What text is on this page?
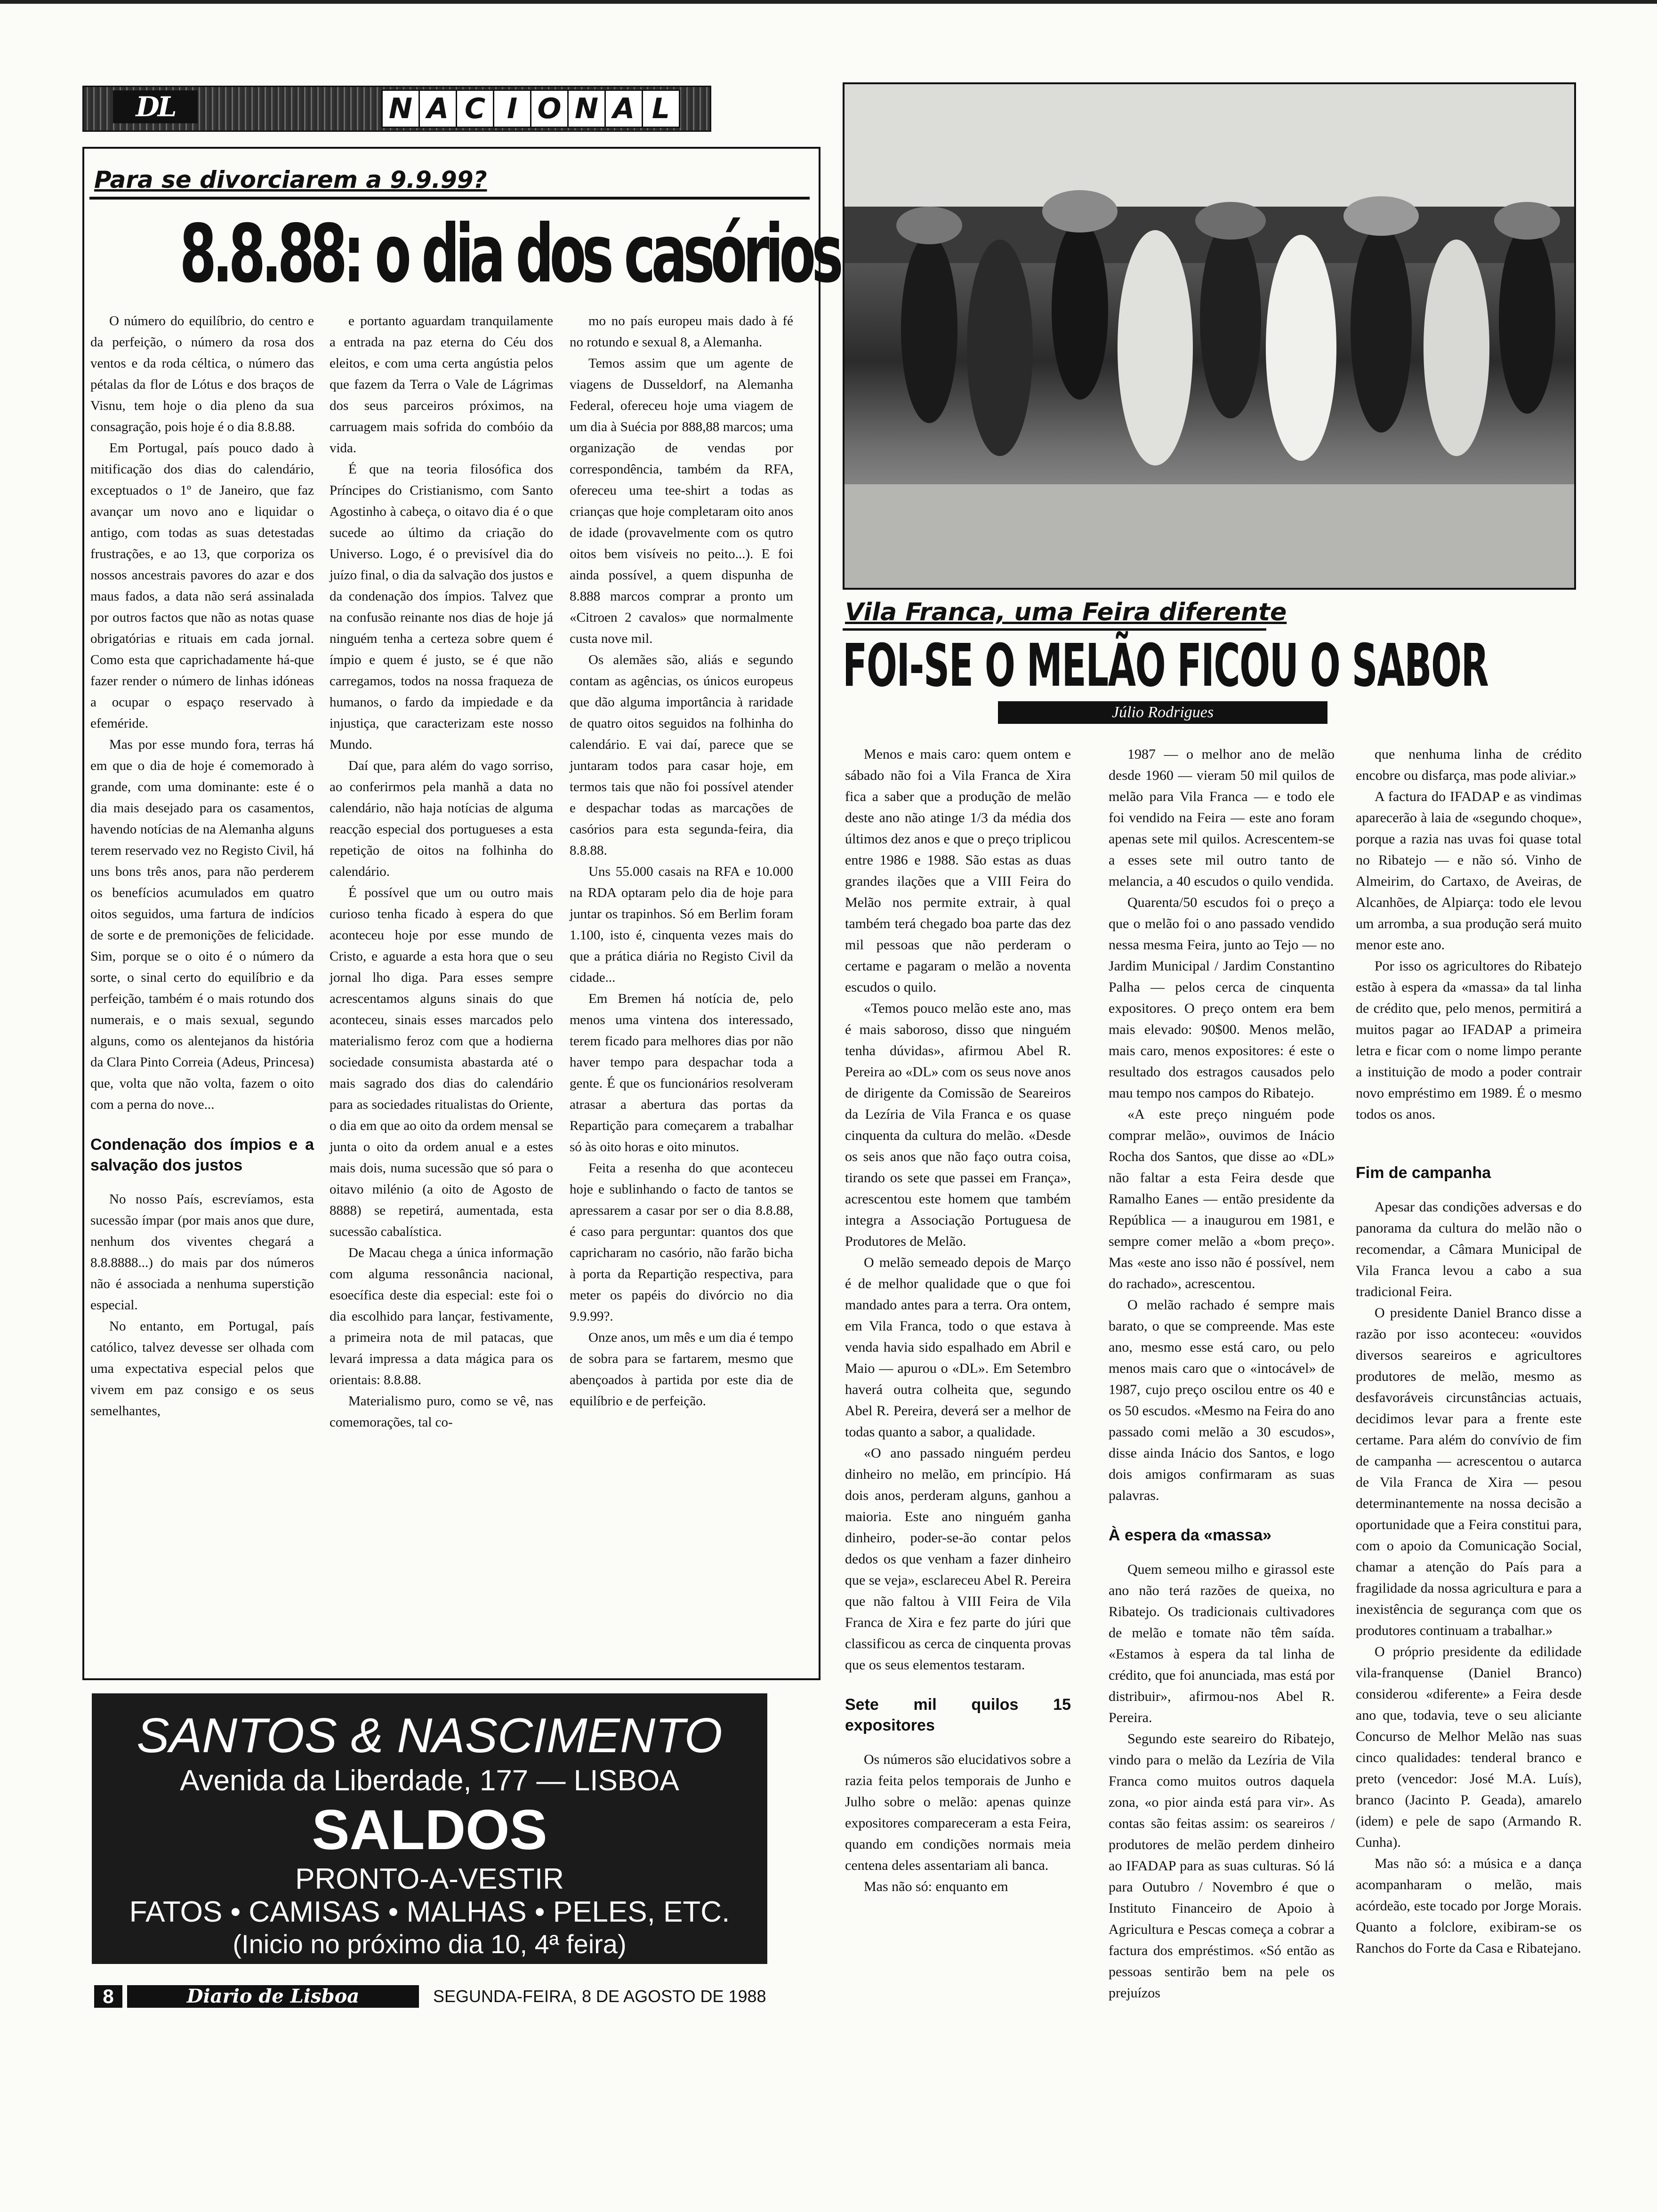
DL	N A C I O N A L
Para se divorciarem a 9.9.99?
8.8.88: o dia dos casórios

O número do equilíbrio, do centro e da perfeição, o número da rosa dos ventos e da roda céltica, o número das pétalas da flor de Lótus e dos braços de Visnu, tem hoje o dia pleno da sua consagração, pois hoje é o dia 8.8.88.

Em Portugal, país pouco dado à mitificação dos dias do calendário, exceptuados o 1º de Janeiro, que faz avançar um novo ano e liquidar o antigo, com todas as suas detestadas frustrações, e ao 13, que corporiza os nossos ancestrais pavores do azar e dos maus fados, a data não será assinalada por outros factos que não as notas quase obrigatórias e rituais em cada jornal. Como esta que caprichadamente há-que fazer render o número de linhas idóneas a ocupar o espaço reservado à efeméride.

Mas por esse mundo fora, terras há em que o dia de hoje é comemorado à grande, com uma dominante: este é o dia mais desejado para os casamentos, havendo notícias de na Alemanha alguns terem reservado vez no Registo Civil, há uns bons três anos, para não perderem os benefícios acumulados em quatro oitos seguidos, uma fartura de indícios de sorte e de premonições de felicidade. Sim, porque se o oito é o número da sorte, o sinal certo do equilíbrio e da perfeição, também é o mais rotundo dos numerais, e o mais sexual, segundo alguns, como os alentejanos da história da Clara Pinto Correia (Adeus, Princesa) que, volta que não volta, fazem o oito com a perna do nove...

Condenação dos ímpios e a salvação dos justos

No nosso País, escrevíamos, esta sucessão ímpar (por mais anos que dure, nenhum dos viventes chegará a 8.8.8888...) do mais par dos números não é associada a nenhuma superstição especial.

No entanto, em Portugal, país católico, talvez devesse ser olhada com uma expectativa especial pelos que vivem em paz consigo e os seus semelhantes,

e portanto aguardam tranquilamente a entrada na paz eterna do Céu dos eleitos, e com uma certa angústia pelos que fazem da Terra o Vale de Lágrimas dos seus parceiros próximos, na carruagem mais sofrida do combóio da vida.

É que na teoria filosófica dos Príncipes do Cristianismo, com Santo Agostinho à cabeça, o oitavo dia é o que sucede ao último da criação do Universo. Logo, é o previsível dia do juízo final, o dia da salvação dos justos e da condenação dos ímpios. Talvez que na confusão reinante nos dias de hoje já ninguém tenha a certeza sobre quem é ímpio e quem é justo, se é que não carregamos, todos na nossa fraqueza de humanos, o fardo da impiedade e da injustiça, que caracterizam este nosso Mundo.

Daí que, para além do vago sorriso, ao conferirmos pela manhã a data no calendário, não haja notícias de alguma reacção especial dos portugueses a esta repetição de oitos na folhinha do calendário.

É possível que um ou outro mais curioso tenha ficado à espera do que aconteceu hoje por esse mundo de Cristo, e aguarde a esta hora que o seu jornal lho diga. Para esses sempre acrescentamos alguns sinais do que aconteceu, sinais esses marcados pelo materialismo feroz com que a hodierna sociedade consumista abastarda até o mais sagrado dos dias do calendário para as sociedades ritualistas do Oriente, o dia em que ao oito da ordem mensal se junta o oito da ordem anual e a estes mais dois, numa sucessão que só para o oitavo milénio (a oito de Agosto de 8888) se repetirá, aumentada, esta sucessão cabalística.

De Macau chega a única informação com alguma ressonância nacional, esoecífica deste dia especial: este foi o dia escolhido para lançar, festivamente, a primeira nota de mil patacas, que levará impressa a data mágica para os orientais: 8.8.88.

Materialismo puro, como se vê, nas comemorações, tal co-

mo no país europeu mais dado à fé no rotundo e sexual 8, a Alemanha.

Temos assim que um agente de viagens de Dusseldorf, na Alemanha Federal, ofereceu hoje uma viagem de um dia à Suécia por 888,88 marcos; uma organização de vendas por correspondência, também da RFA, ofereceu uma tee-shirt a todas as crianças que hoje completaram oito anos de idade (provavelmente com os qutro oitos bem visíveis no peito...). E foi ainda possível, a quem dispunha de 8.888 marcos comprar a pronto um «Citroen 2 cavalos» que normalmente custa nove mil.

Os alemães são, aliás e segundo contam as agências, os únicos europeus que dão alguma importância à raridade de quatro oitos seguidos na folhinha do calendário. E vai daí, parece que se juntaram todos para casar hoje, em termos tais que não foi possível atender e despachar todas as marcações de casórios para esta segunda-feira, dia 8.8.88.

Uns 55.000 casais na RFA e 10.000 na RDA optaram pelo dia de hoje para juntar os trapinhos. Só em Berlim foram 1.100, isto é, cinquenta vezes mais do que a prática diária no Registo Civil da cidade...

Em Bremen há notícia de, pelo menos uma vintena dos interessado, terem ficado para melhores dias por não haver tempo para despachar toda a gente. É que os funcionários resolveram atrasar a abertura das portas da Repartição para começarem a trabalhar só às oito horas e oito minutos.

Feita a resenha do que aconteceu hoje e sublinhando o facto de tantos se apressarem a casar por ser o dia 8.8.88, é caso para perguntar: quantos dos que capricharam no casório, não farão bicha à porta da Repartição respectiva, para meter os papéis do divórcio no dia 9.9.99?.

Onze anos, um mês e um dia é tempo de sobra para se fartarem, mesmo que abençoados à partida por este dia de equilíbrio e de perfeição.

Vila Franca, uma Feira diferente
FOI-SE O MELÃO FICOU O SABOR
Júlio Rodrigues

Menos e mais caro: quem ontem e sábado não foi a Vila Franca de Xira fica a saber que a produção de melão deste ano não atinge 1/3 da média dos últimos dez anos e que o preço triplicou entre 1986 e 1988. São estas as duas grandes ilações que a VIII Feira do Melão nos permite extrair, à qual também terá chegado boa parte das dez mil pessoas que não perderam o certame e pagaram o melão a noventa escudos o quilo.

«Temos pouco melão este ano, mas é mais saboroso, disso que ninguém tenha dúvidas», afirmou Abel R. Pereira ao «DL» com os seus nove anos de dirigente da Comissão de Seareiros da Lezíria de Vila Franca e os quase cinquenta da cultura do melão. «Desde os seis anos que não faço outra coisa, tirando os sete que passei em França», acrescentou este homem que também integra a Associação Portuguesa de Produtores de Melão.

O melão semeado depois de Março é de melhor qualidade que o que foi mandado antes para a terra. Ora ontem, em Vila Franca, todo o que estava à venda havia sido espalhado em Abril e Maio — apurou o «DL». Em Setembro haverá outra colheita que, segundo Abel R. Pereira, deverá ser a melhor de todas quanto a sabor, a qualidade.

«O ano passado ninguém perdeu dinheiro no melão, em princípio. Há dois anos, perderam alguns, ganhou a maioria. Este ano ninguém ganha dinheiro, poder-se-ão contar pelos dedos os que venham a fazer dinheiro que se veja», esclareceu Abel R. Pereira que não faltou à VIII Feira de Vila Franca de Xira e fez parte do júri que classificou as cerca de cinquenta provas que os seus elementos testaram.

Sete mil quilos 15 expositores

Os números são elucidativos sobre a razia feita pelos temporais de Junho e Julho sobre o melão: apenas quinze expositores compareceram a esta Feira, quando em condições normais meia centena deles assentariam ali banca.

Mas não só: enquanto em

1987 — o melhor ano de melão desde 1960 — vieram 50 mil quilos de melão para Vila Franca — e todo ele foi vendido na Feira — este ano foram apenas sete mil quilos. Acrescentem-se a esses sete mil outro tanto de melancia, a 40 escudos o quilo vendida.

Quarenta/50 escudos foi o preço a que o melão foi o ano passado vendido nessa mesma Feira, junto ao Tejo — no Jardim Municipal / Jardim Constantino Palha — pelos cerca de cinquenta expositores. O preço ontem era bem mais elevado: 90$00. Menos melão, mais caro, menos expositores: é este o resultado dos estragos causados pelo mau tempo nos campos do Ribatejo.

«A este preço ninguém pode comprar melão», ouvimos de Inácio Rocha dos Santos, que disse ao «DL» não faltar a esta Feira desde que Ramalho Eanes — então presidente da República — a inaugurou em 1981, e sempre comer melão a «bom preço». Mas «este ano isso não é possível, nem do rachado», acrescentou.

O melão rachado é sempre mais barato, o que se compreende. Mas este ano, mesmo esse está caro, ou pelo menos mais caro que o «intocável» de 1987, cujo preço oscilou entre os 40 e os 50 escudos. «Mesmo na Feira do ano passado comi melão a 30 escudos», disse ainda Inácio dos Santos, e logo dois amigos confirmaram as suas palavras.

À espera da «massa»

Quem semeou milho e girassol este ano não terá razões de queixa, no Ribatejo. Os tradicionais cultivadores de melão e tomate não têm saída. «Estamos à espera da tal linha de crédito, que foi anunciada, mas está por distribuir», afirmou-nos Abel R. Pereira.

Segundo este seareiro do Ribatejo, vindo para o melão da Lezíria de Vila Franca como muitos outros daquela zona, «o pior ainda está para vir». As contas são feitas assim: os seareiros / produtores de melão perdem dinheiro ao IFADAP para as suas culturas. Só lá para Outubro / Novembro é que o Instituto Financeiro de Apoio à Agricultura e Pescas começa a cobrar a factura dos empréstimos. «Só então as pessoas sentirão bem na pele os prejuízos

que nenhuma linha de crédito encobre ou disfarça, mas pode aliviar.»

A factura do IFADAP e as vindimas aparecerão à laia de «segundo choque», porque a razia nas uvas foi quase total no Ribatejo — e não só. Vinho de Almeirim, do Cartaxo, de Aveiras, de Alcanhões, de Alpiarça: todo ele levou um arromba, a sua produção será muito menor este ano.

Por isso os agricultores do Ribatejo estão à espera da «massa» da tal linha de crédito que, pelo menos, permitirá a muitos pagar ao IFADAP a primeira letra e ficar com o nome limpo perante a instituição de modo a poder contrair novo empréstimo em 1989. É o mesmo todos os anos.

Fim de campanha

Apesar das condições adversas e do panorama da cultura do melão não o recomendar, a Câmara Municipal de Vila Franca levou a cabo a sua tradicional Feira.

O presidente Daniel Branco disse a razão por isso aconteceu: «ouvidos diversos seareiros e agricultores produtores de melão, mesmo as desfavoráveis circunstâncias actuais, decidimos levar para a frente este certame. Para além do convívio de fim de campanha — acrescentou o autarca de Vila Franca de Xira — pesou determinantemente na nossa decisão a oportunidade que a Feira constitui para, com o apoio da Comunicação Social, chamar a atenção do País para a fragilidade da nossa agricultura e para a inexistência de segurança com que os produtores continuam a trabalhar.»

O próprio presidente da edilidade vila-franquense (Daniel Branco) considerou «diferente» a Feira desde ano que, todavia, teve o seu aliciante Concurso de Melhor Melão nas suas cinco qualidades: tenderal branco e preto (vencedor: José M.A. Luís), branco (Jacinto P. Geada), amarelo (idem) e pele de sapo (Armando R. Cunha).

Mas não só: a música e a dança acompanharam o melão, mais acórdeão, este tocado por Jorge Morais. Quanto a folclore, exibiram-se os Ranchos do Forte da Casa e Ribatejano.

SANTOS & NASCIMENTO
Avenida da Liberdade, 177 — LISBOA
SALDOS
PRONTO-A-VESTIR
FATOS • CAMISAS • MALHAS • PELES, ETC.
(Inicio no próximo dia 10, 4ª feira)
8	Diario de Lisboa	SEGUNDA-FEIRA, 8 DE AGOSTO DE 1988
